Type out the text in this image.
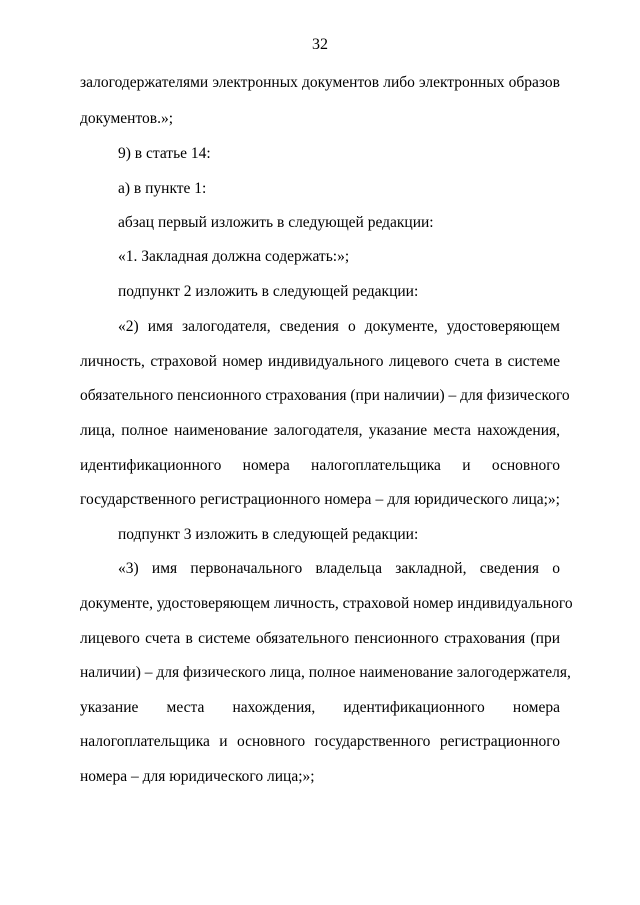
32
залогодержателями электронных документов либо электронных образов
документов.»;
9) в статье 14:
а) в пункте 1:
абзац первый изложить в следующей редакции:
«1. Закладная должна содержать:»;
подпункт 2 изложить в следующей редакции:
«2) имя залогодателя, сведения о документе, удостоверяющем
личность, страховой номер индивидуального лицевого счета в системе
обязательного пенсионного страхования (при наличии) – для физического
лица, полное наименование залогодателя, указание места нахождения,
идентификационного номера налогоплательщика и основного
государственного регистрационного номера – для юридического лица;»;
подпункт 3 изложить в следующей редакции:
«3) имя первоначального владельца закладной, сведения о
документе, удостоверяющем личность, страховой номер индивидуального
лицевого счета в системе обязательного пенсионного страхования (при
наличии) – для физического лица, полное наименование залогодержателя,
указание места нахождения, идентификационного номера
налогоплательщика и основного государственного регистрационного
номера – для юридического лица;»;
